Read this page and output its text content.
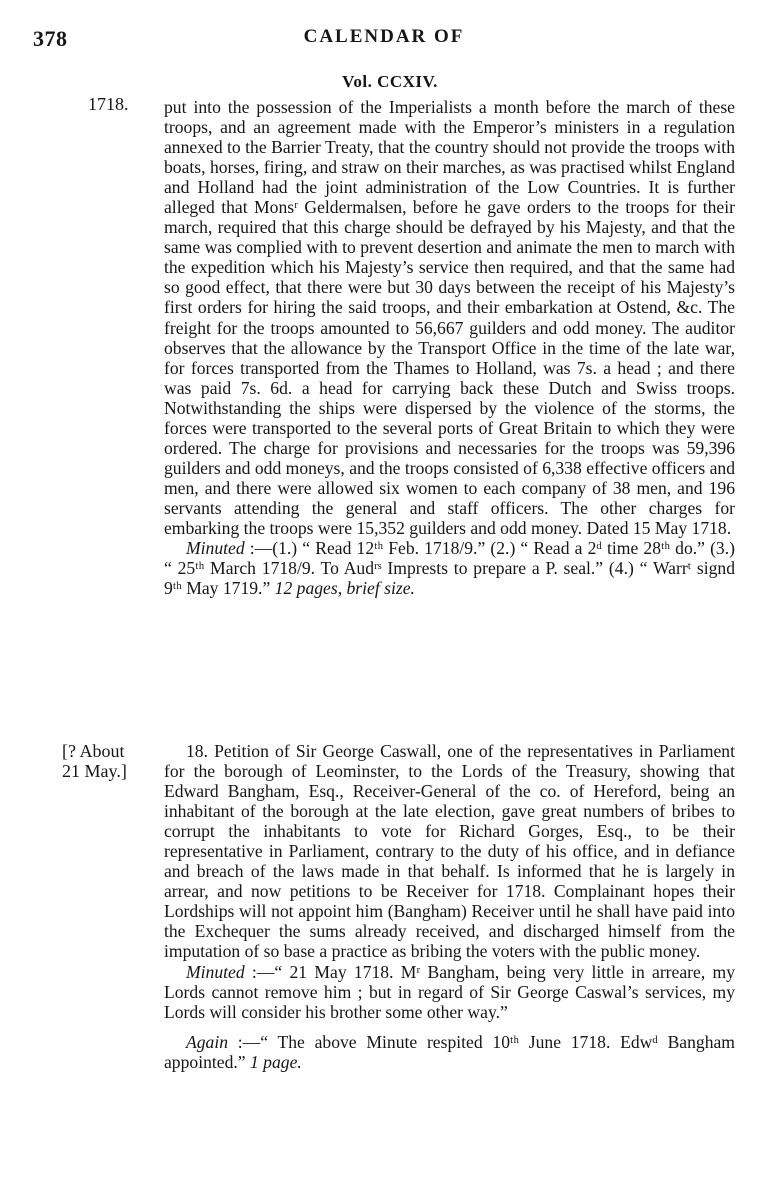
378	CALENDAR OF
Vol. CCXIV.
1718. put into the possession of the Imperialists a month before the march of these troops, and an agreement made with the Emperor’s ministers in a regulation annexed to the Barrier Treaty, that the country should not provide the troops with boats, horses, firing, and straw on their marches, as was practised whilst England and Holland had the joint administration of the Low Countries. It is further alleged that Monsʳ Geldermalsen, before he gave orders to the troops for their march, required that this charge should be defrayed by his Majesty, and that the same was complied with to prevent desertion and animate the men to march with the expedition which his Majesty’s service then required, and that the same had so good effect, that there were but 30 days between the receipt of his Majesty’s first orders for hiring the said troops, and their embarkation at Ostend, &c. The freight for the troops amounted to 56,667 guilders and odd money. The auditor observes that the allowance by the Transport Office in the time of the late war, for forces transported from the Thames to Holland, was 7s. a head ; and there was paid 7s. 6d. a head for carrying back these Dutch and Swiss troops. Notwithstanding the ships were dispersed by the violence of the storms, the forces were transported to the several ports of Great Britain to which they were ordered. The charge for provisions and necessaries for the troops was 59,396 guilders and odd moneys, and the troops consisted of 6,338 effective officers and men, and there were allowed six women to each company of 38 men, and 196 servants attending the general and staff officers. The other charges for embarking the troops were 15,352 guilders and odd money. Dated 15 May 1718.

Minuted :—(1.) “ Read 12ᵗʰ Feb. 1718/9.” (2.) “ Read a 2ᵈ time 28ᵗʰ do.” (3.) “ 25ᵗʰ March 1718/9. To Audʳˢ Imprests to prepare a P. seal.” (4.) “ Warrᵗ signd 9ᵗʰ May 1719.” 12 pages, brief size.

[? About
21 May.]

18. Petition of Sir George Caswall, one of the representatives in Parliament for the borough of Leominster, to the Lords of the Treasury, showing that Edward Bangham, Esq., Receiver-General of the co. of Hereford, being an inhabitant of the borough at the late election, gave great numbers of bribes to corrupt the inhabitants to vote for Richard Gorges, Esq., to be their representative in Parliament, contrary to the duty of his office, and in defiance and breach of the laws made in that behalf. Is informed that he is largely in arrear, and now petitions to be Receiver for 1718. Complainant hopes their Lordships will not appoint him (Bangham) Receiver until he shall have paid into the Exchequer the sums already received, and discharged himself from the imputation of so base a practice as bribing the voters with the public money.

Minuted :—“ 21 May 1718. Mʳ Bangham, being very little in arreare, my Lords cannot remove him ; but in regard of Sir George Caswal’s services, my Lords will consider his brother some other way.”

Again :—“ The above Minute respited 10ᵗʰ June 1718. Edwᵈ Bangham appointed.” 1 page.
